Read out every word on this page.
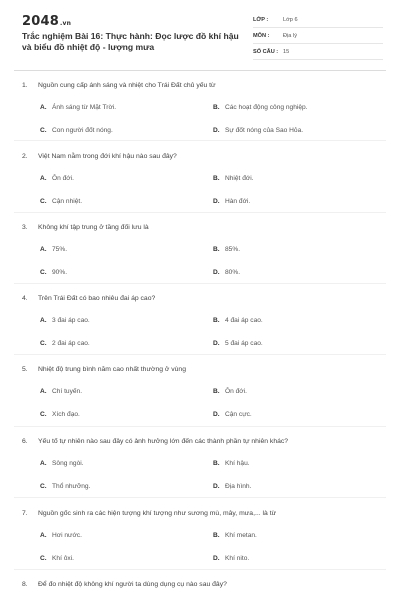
2048.vn
Trắc nghiệm Bài 16: Thực hành: Đọc lược đồ khí hậu và biểu đồ nhiệt độ - lượng mưa
LỚP :	Lớp 6
MÔN :	Địa lý
SỐ CÂU : 15
1. Nguồn cung cấp ánh sáng và nhiệt cho Trái Đất chủ yếu từ
A. Ánh sáng từ Mặt Trời.	B. Các hoạt động công nghiệp.
C. Con người đốt nóng.	D. Sự đốt nóng của Sao Hỏa.
2. Việt Nam nằm trong đới khí hậu nào sau đây?
A. Ôn đới.	B. Nhiệt đới.
C. Cận nhiệt.	D. Hàn đới.
3. Không khí tập trung ở tầng đối lưu là
A. 75%.	B. 85%.
C. 90%.	D. 80%.
4. Trên Trái Đất có bao nhiêu đai áp cao?
A. 3 đai áp cao.	B. 4 đai áp cao.
C. 2 đai áp cao.	D. 5 đai áp cao.
5. Nhiệt độ trung bình năm cao nhất thường ở vùng
A. Chí tuyến.	B. Ôn đới.
C. Xích đạo.	D. Cận cực.
6. Yếu tố tự nhiên nào sau đây có ảnh hưởng lớn đến các thành phần tự nhiên khác?
A. Sông ngòi.	B. Khí hậu.
C. Thổ nhưỡng.	D. Địa hình.
7. Nguồn gốc sinh ra các hiện tượng khí tượng như sương mù, mây, mưa,... là từ
A. Hơi nước.	B. Khí metan.
C. Khí ôxi.	D. Khí nito.
8. Để đo nhiệt độ không khí người ta dùng dụng cụ nào sau đây?
